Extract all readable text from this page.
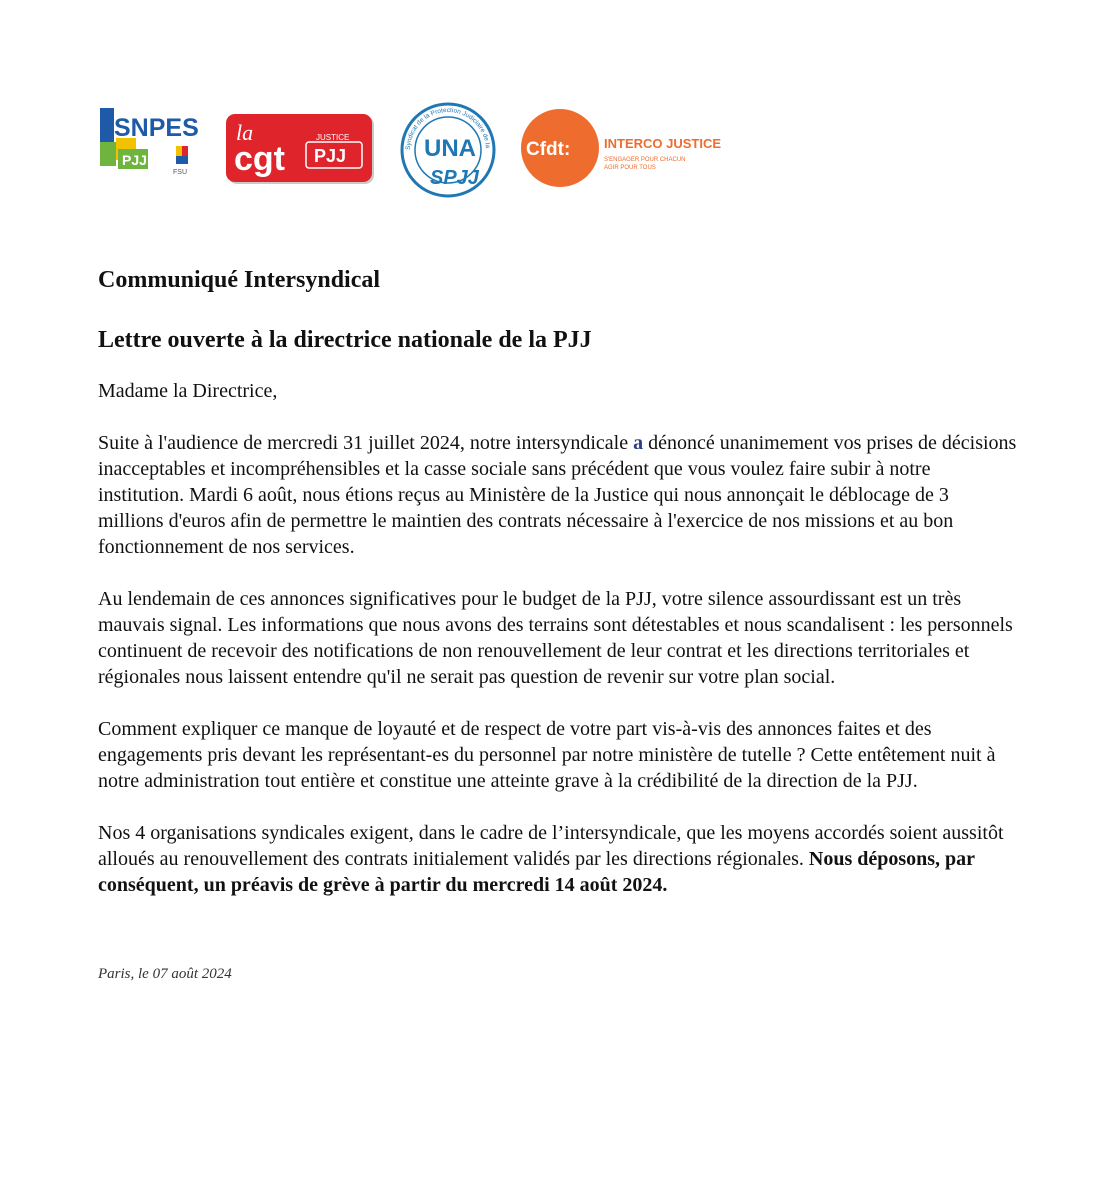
SNPES
PJJ
FSU
la
cgt
JUSTICE
PJJ	Syndicat de la Protection Judiciaire de la Jeunesse
UNA
SPJJ
Cfdt:	INTERCO JUSTICE
S'ENGAGER POUR CHACUN
AGIR POUR TOUS
Communiqué Intersyndical
Lettre ouverte à la directrice nationale de la PJJ

Madame la Directrice,

Suite à l'audience de mercredi 31 juillet 2024, notre intersyndicale a dénoncé unanimement vos prises de décisions inacceptables et incompréhensibles et la casse sociale sans précédent que vous voulez faire subir à notre institution. Mardi 6 août, nous étions reçus au Ministère de la Justice qui nous annonçait le déblocage de 3 millions d'euros afin de permettre le maintien des contrats nécessaire à l'exercice de nos missions et au bon fonctionnement de nos services.

Au lendemain de ces annonces significatives pour le budget de la PJJ, votre silence assourdissant est un très mauvais signal. Les informations que nous avons des terrains sont détestables et nous scandalisent : les personnels continuent de recevoir des notifications de non renouvellement de leur contrat et les directions territoriales et régionales nous laissent entendre qu'il ne serait pas question de revenir sur votre plan social.

Comment expliquer ce manque de loyauté et de respect de votre part vis-à-vis des annonces faites et des engagements pris devant les représentant-es du personnel par notre ministère de tutelle ? Cette entêtement nuit à notre administration tout entière et constitue une atteinte grave à la crédibilité de la direction de la PJJ.

Nos 4 organisations syndicales exigent, dans le cadre de l’intersyndicale, que les moyens accordés soient aussitôt alloués au renouvellement des contrats initialement validés par les directions régionales. Nous déposons, par conséquent, un préavis de grève à partir du mercredi 14 août 2024.

Paris, le 07 août 2024
